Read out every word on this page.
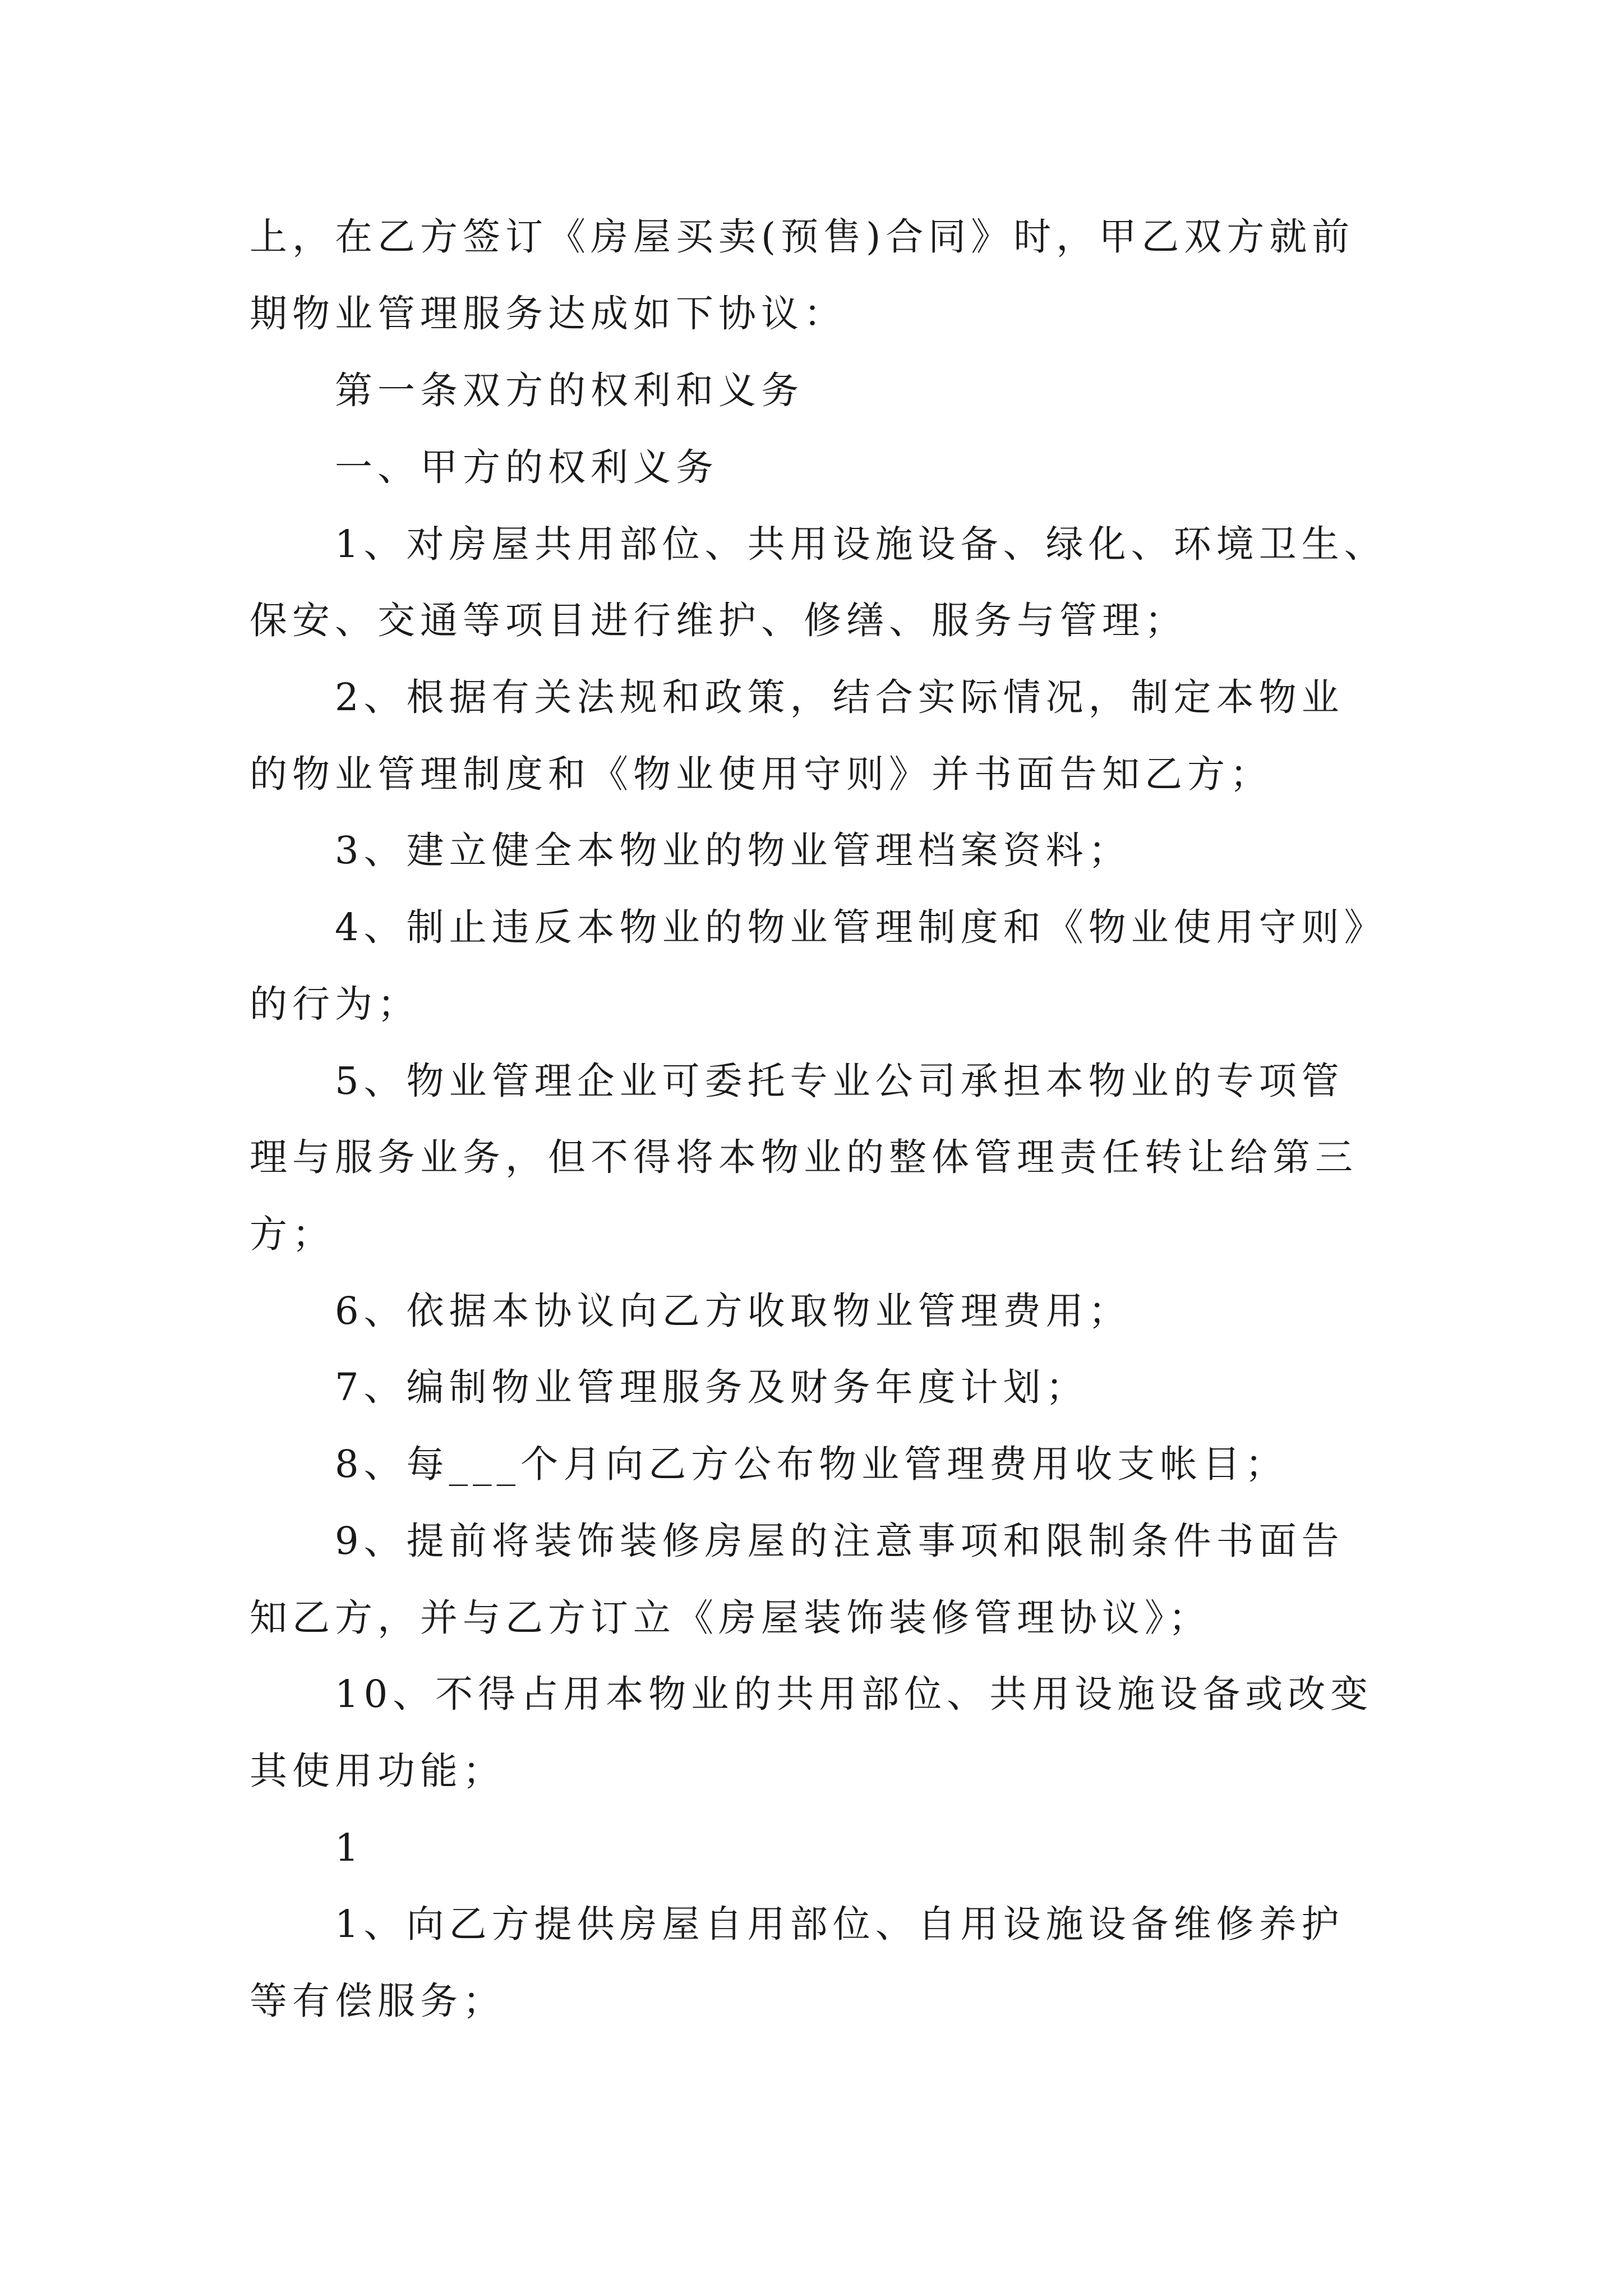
上，在乙方签订《房屋买卖(预售)合同》时，甲乙双方就前

期物业管理服务达成如下协议：

第一条双方的权利和义务

一、甲方的权利义务

1、对房屋共用部位、共用设施设备、绿化、环境卫生、

保安、交通等项目进行维护、修缮、服务与管理；

2、根据有关法规和政策，结合实际情况，制定本物业

的物业管理制度和《物业使用守则》并书面告知乙方；

3、建立健全本物业的物业管理档案资料；

4、制止违反本物业的物业管理制度和《物业使用守则》

的行为；

5、物业管理企业可委托专业公司承担本物业的专项管

理与服务业务，但不得将本物业的整体管理责任转让给第三

方；

6、依据本协议向乙方收取物业管理费用；

7、编制物业管理服务及财务年度计划；

8、每___个月向乙方公布物业管理费用收支帐目；

9、提前将装饰装修房屋的注意事项和限制条件书面告

知乙方，并与乙方订立《房屋装饰装修管理协议》；

10、不得占用本物业的共用部位、共用设施设备或改变

其使用功能；

1

1、向乙方提供房屋自用部位、自用设施设备维修养护

等有偿服务；
